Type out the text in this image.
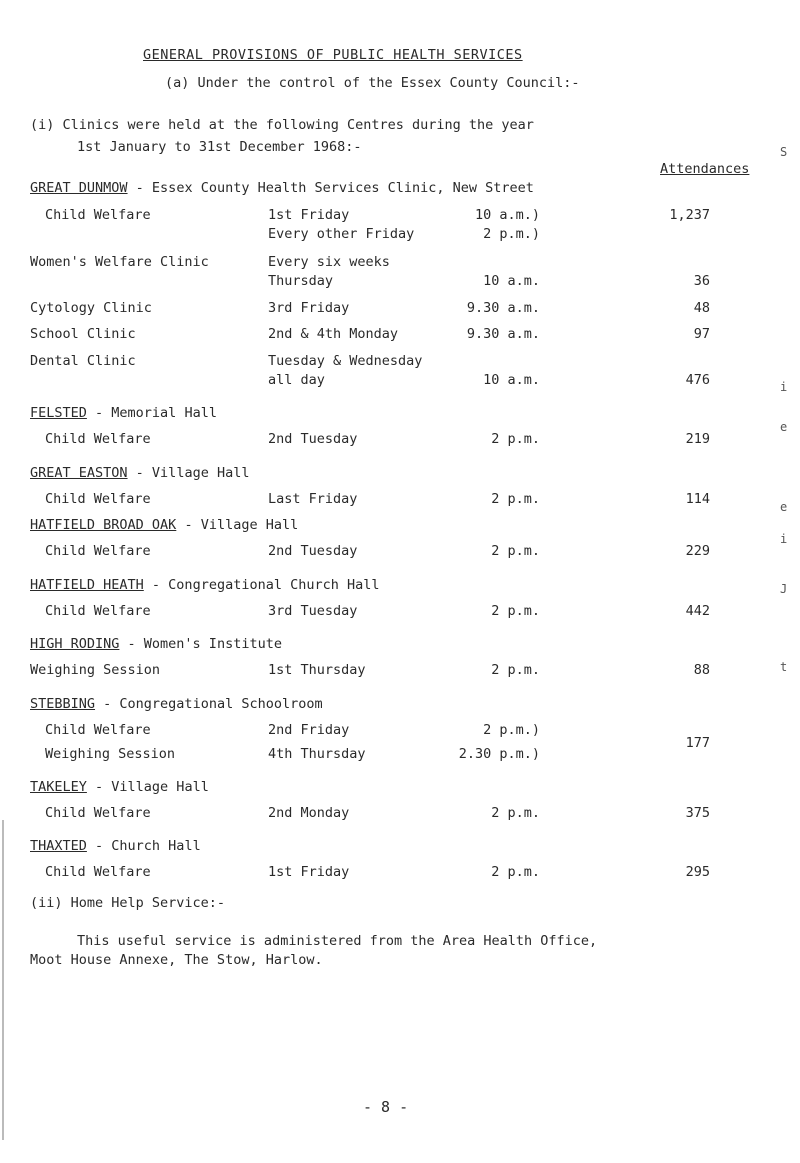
GENERAL PROVISIONS OF PUBLIC HEALTH SERVICES
(a) Under the control of the Essex County Council:-
(i) Clinics were held at the following Centres during the year
1st January to 31st December 1968:-
Attendances
GREAT DUNMOW - Essex County Health Services Clinic, New Street
Child Welfare	1st Friday	10 a.m.)	1,237
Every other Friday	2 p.m.)
Women's Welfare Clinic	Every six weeks
Thursday	10 a.m.	36
Cytology Clinic	3rd Friday	9.30 a.m.	48
School Clinic	2nd & 4th Monday	9.30 a.m.	97
Dental Clinic	Tuesday & Wednesday
all day	10 a.m.	476
FELSTED - Memorial Hall
Child Welfare	2nd Tuesday	2 p.m.	219
GREAT EASTON - Village Hall
Child Welfare	Last Friday	2 p.m.	114
HATFIELD BROAD OAK - Village Hall
Child Welfare	2nd Tuesday	2 p.m.	229
HATFIELD HEATH - Congregational Church Hall
Child Welfare	3rd Tuesday	2 p.m.	442
HIGH RODING - Women's Institute
Weighing Session	1st Thursday	2 p.m.	88
STEBBING - Congregational Schoolroom
Child Welfare	2nd Friday	2 p.m.)
Weighing Session	4th Thursday	2.30 p.m.)
177
TAKELEY - Village Hall
Child Welfare	2nd Monday	2 p.m.	375
THAXTED - Church Hall
Child Welfare	1st Friday	2 p.m.	295
(ii) Home Help Service:-
This useful service is administered from the Area Health Office,
Moot House Annexe, The Stow, Harlow.
- 8 -
S
i
e
e
i
J
t
